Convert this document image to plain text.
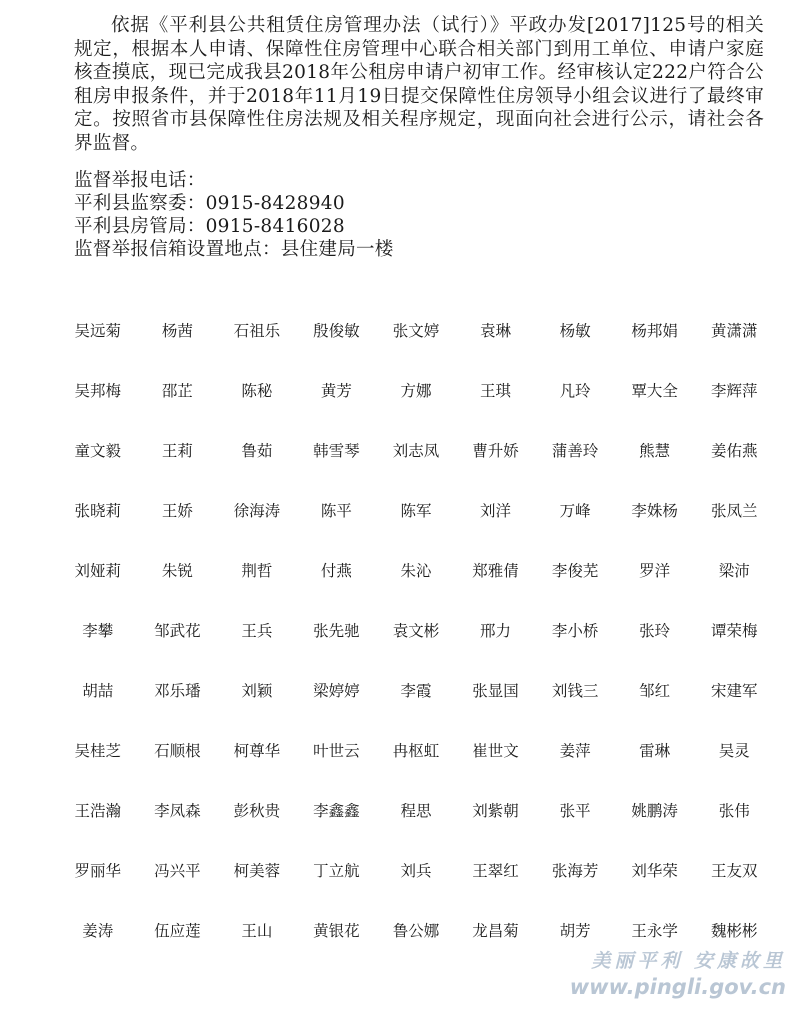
依据《平利县公共租赁住房管理办法（试行）》平政办发[2017]125号的相关规定，根据本人申请、保障性住房管理中心联合相关部门到用工单位、申请户家庭核查摸底，现已完成我县2018年公租房申请户初审工作。经审核认定222户符合公租房申报条件，并于2018年11月19日提交保障性住房领导小组会议进行了最终审定。按照省市县保障性住房法规及相关程序规定，现面向社会进行公示，请社会各界监督。

监督举报电话：
平利县监察委：0915-8428940
平利县房管局：0915-8416028
监督举报信箱设置地点：县住建局一楼
吴远菊	杨茜	石祖乐	殷俊敏	张文婷	袁琳	杨敏	杨邦娟	黄潇潇
吴邦梅	邵芷	陈秘	黄芳	方娜	王琪	凡玲	覃大全	李辉萍
童文毅	王莉	鲁茹	韩雪琴	刘志凤	曹升娇	蒲善玲	熊慧	姜佑燕
张晓莉	王娇	徐海涛	陈平	陈军	刘洋	万峰	李姝杨	张凤兰
刘娅莉	朱锐	荆哲	付燕	朱沁	郑雅倩	李俊芜	罗洋	梁沛
李攀	邹武花	王兵	张先驰	袁文彬	邢力	李小桥	张玲	谭荣梅
胡喆	邓乐璠	刘颖	梁婷婷	李霞	张显国	刘钱三	邹红	宋建军
吴桂芝	石顺根	柯尊华	叶世云	冉枢虹	崔世文	姜萍	雷琳	吴灵
王浩瀚	李凤森	彭秋贵	李鑫鑫	程思	刘紫朝	张平	姚鹏涛	张伟
罗丽华	冯兴平	柯美蓉	丁立航	刘兵	王翠红	张海芳	刘华荣	王友双
姜涛	伍应莲	王山	黄银花	鲁公娜	龙昌菊	胡芳	王永学	魏彬彬
美丽平利 安康故里
www.pingli.gov.cn
